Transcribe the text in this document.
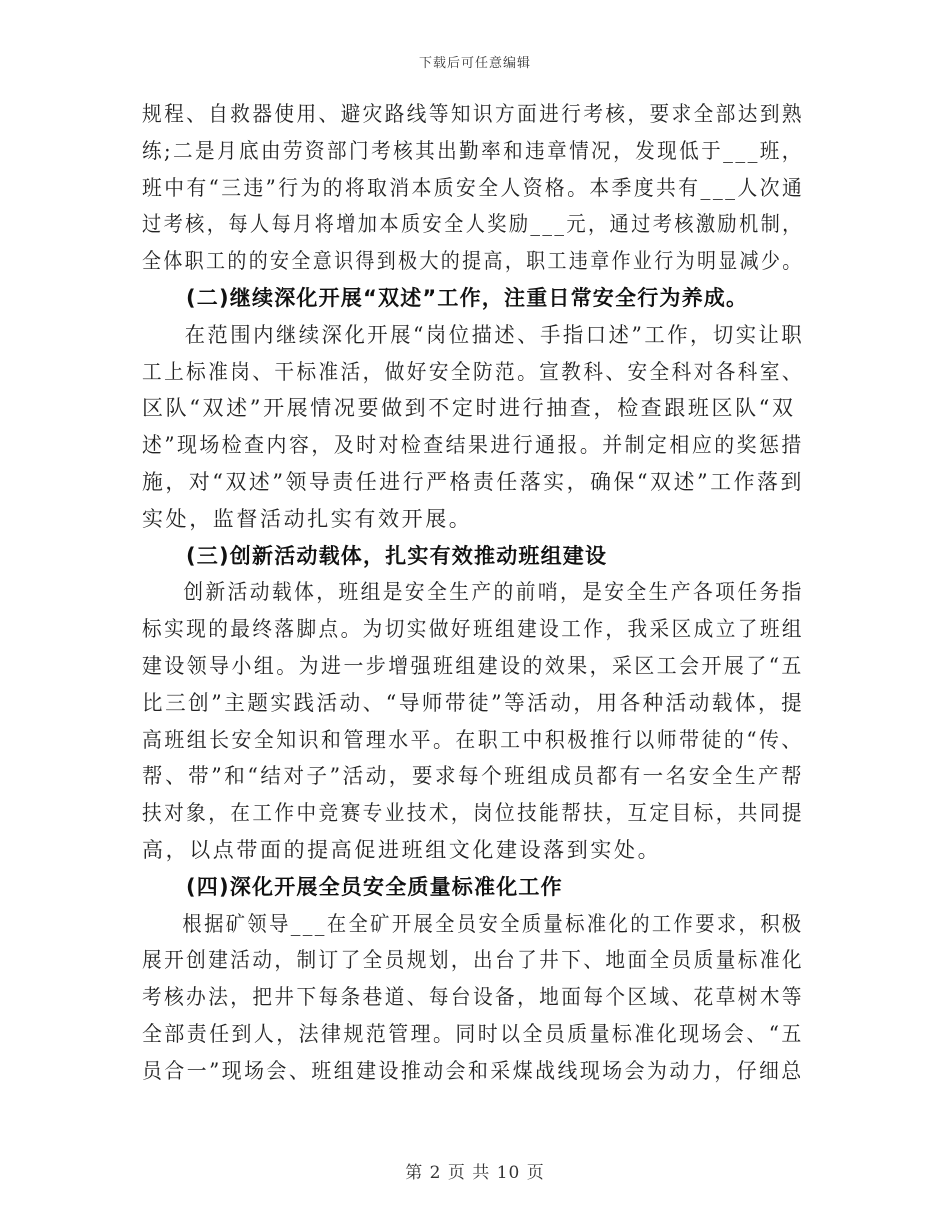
下载后可任意编辑
规程、自救器使用、避灾路线等知识方面进行考核，要求全部达到熟
练;二是月底由劳资部门考核其出勤率和违章情况，发现低于___班，
班中有“三违”行为的将取消本质安全人资格。本季度共有___人次通
过考核，每人每月将增加本质安全人奖励___元，通过考核激励机制，
全体职工的的安全意识得到极大的提高，职工违章作业行为明显减少。
(二)继续深化开展“双述”工作，注重日常安全行为养成。
在范围内继续深化开展“岗位描述、手指口述”工作，切实让职
工上标准岗、干标准活，做好安全防范。宣教科、安全科对各科室、
区队“双述”开展情况要做到不定时进行抽查，检查跟班区队“双
述”现场检查内容，及时对检查结果进行通报。并制定相应的奖惩措
施，对“双述”领导责任进行严格责任落实，确保“双述”工作落到
实处，监督活动扎实有效开展。
(三)创新活动载体，扎实有效推动班组建设
创新活动载体，班组是安全生产的前哨，是安全生产各项任务指
标实现的最终落脚点。为切实做好班组建设工作，我采区成立了班组
建设领导小组。为进一步增强班组建设的效果，采区工会开展了“五
比三创”主题实践活动、“导师带徒”等活动，用各种活动载体，提
高班组长安全知识和管理水平。在职工中积极推行以师带徒的“传、
帮、带”和“结对子”活动，要求每个班组成员都有一名安全生产帮
扶对象，在工作中竞赛专业技术，岗位技能帮扶，互定目标，共同提
高，以点带面的提高促进班组文化建设落到实处。
(四)深化开展全员安全质量标准化工作
根据矿领导___在全矿开展全员安全质量标准化的工作要求，积极
展开创建活动，制订了全员规划，出台了井下、地面全员质量标准化
考核办法，把井下每条巷道、每台设备，地面每个区域、花草树木等
全部责任到人，法律规范管理。同时以全员质量标准化现场会、“五
员合一”现场会、班组建设推动会和采煤战线现场会为动力，仔细总
第 2 页 共 10 页
